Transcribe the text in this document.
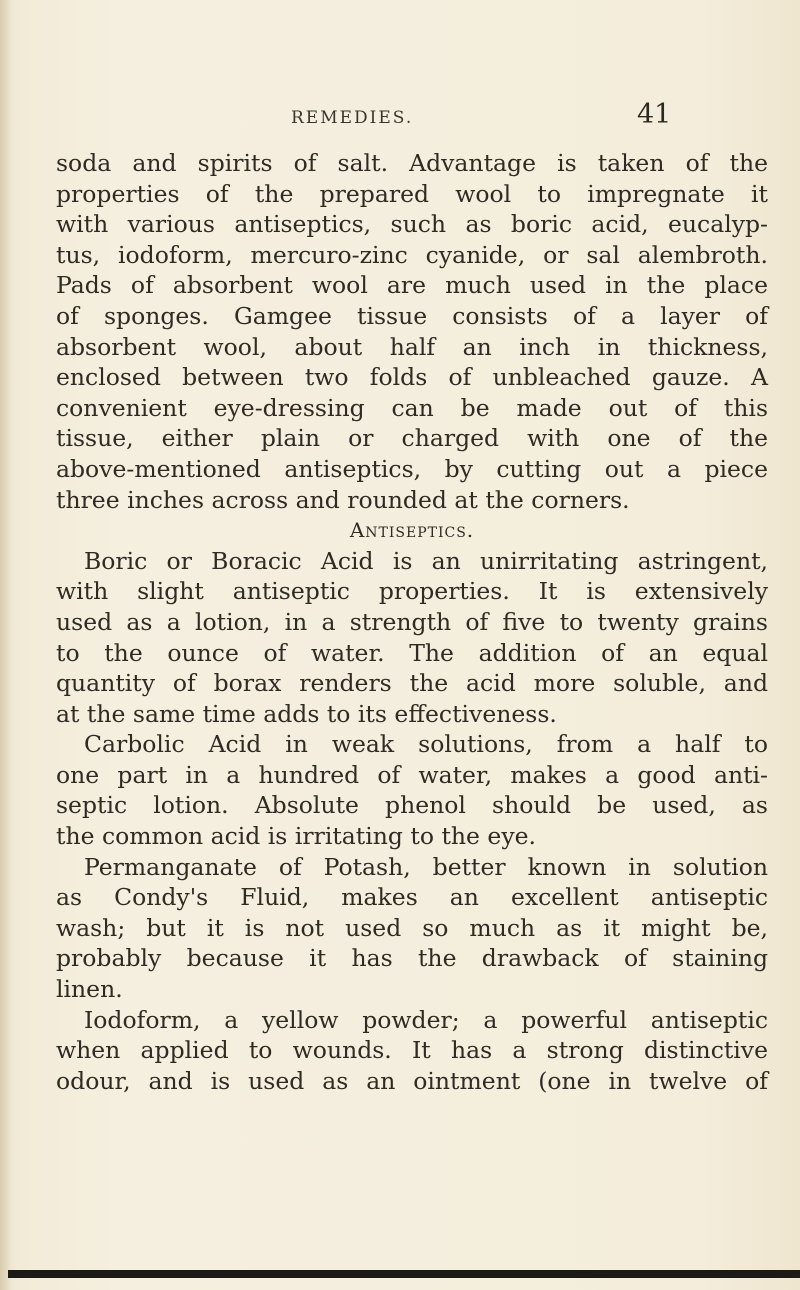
REMEDIES.	41
soda and spirits of salt. Advantage is taken of the
properties of the prepared wool to impregnate it
with various antiseptics, such as boric acid, eucalyp-
tus, iodoform, mercuro-zinc cyanide, or sal alembroth.
Pads of absorbent wool are much used in the place
of sponges. Gamgee tissue consists of a layer of
absorbent wool, about half an inch in thickness,
enclosed between two folds of unbleached gauze. A
convenient eye-dressing can be made out of this
tissue, either plain or charged with one of the
above-mentioned antiseptics, by cutting out a piece
three inches across and rounded at the corners.
Antiseptics.
Boric or Boracic Acid is an unirritating astringent,
with slight antiseptic properties. It is extensively
used as a lotion, in a strength of five to twenty grains
to the ounce of water. The addition of an equal
quantity of borax renders the acid more soluble, and
at the same time adds to its effectiveness.
Carbolic Acid in weak solutions, from a half to
one part in a hundred of water, makes a good anti-
septic lotion. Absolute phenol should be used, as
the common acid is irritating to the eye.
Permanganate of Potash, better known in solution
as Condy's Fluid, makes an excellent antiseptic
wash; but it is not used so much as it might be,
probably because it has the drawback of staining
linen.
Iodoform, a yellow powder; a powerful antiseptic
when applied to wounds. It has a strong distinctive
odour, and is used as an ointment (one in twelve of
